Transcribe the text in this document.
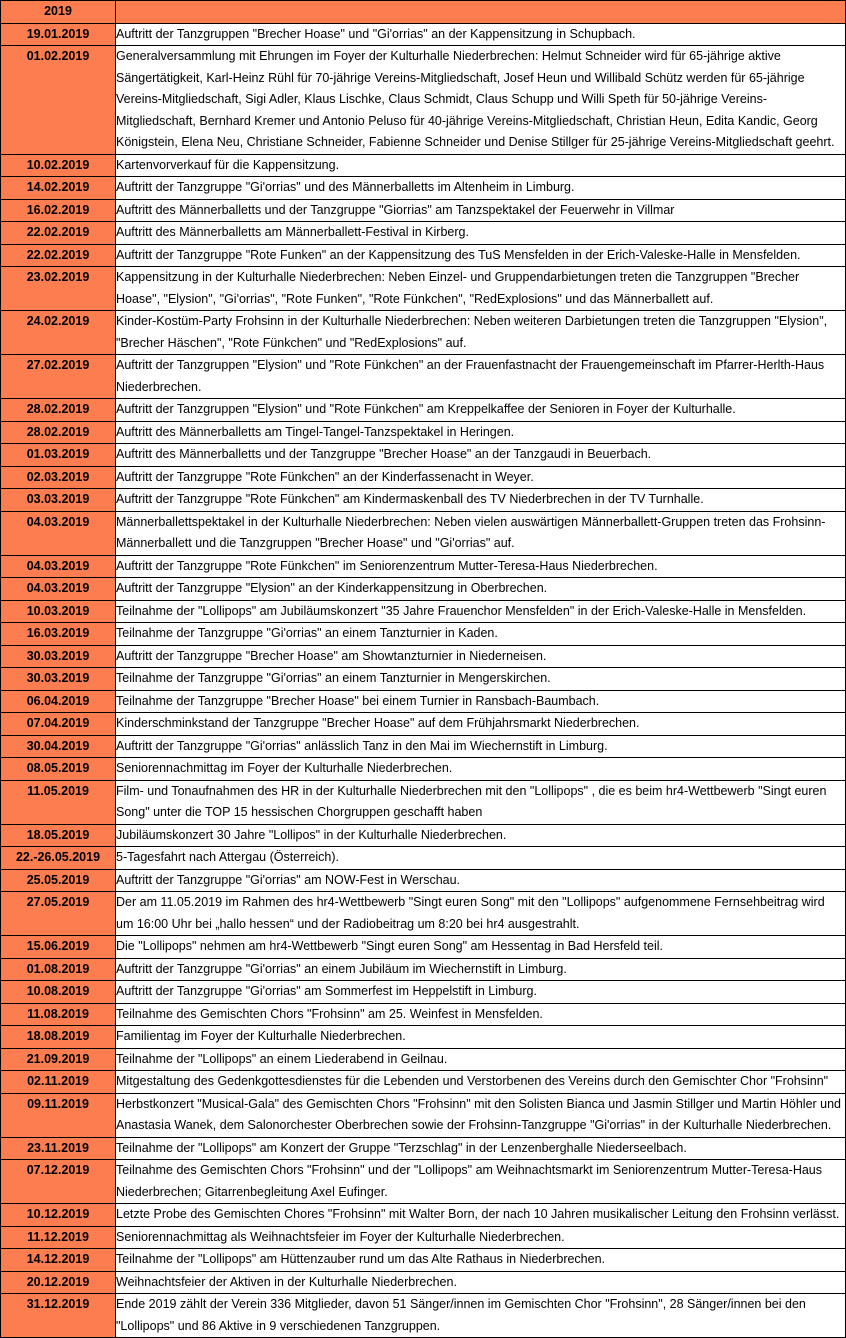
2019	
19.01.2019	Auftritt der Tanzgruppen "Brecher Hoase" und "Gi'orrias" an der Kappensitzung in Schupbach.
01.02.2019	Generalversammlung mit Ehrungen im Foyer der Kulturhalle Niederbrechen: Helmut Schneider wird für 65-jährige aktive Sängertätigkeit, Karl-Heinz Rühl für 70-jährige Vereins-Mitgliedschaft, Josef Heun und Willibald Schütz werden für 65-jährige Vereins-Mitgliedschaft, Sigi Adler, Klaus Lischke, Claus Schmidt, Claus Schupp und Willi Speth für 50-jährige Vereins-Mitgliedschaft, Bernhard Kremer und Antonio Peluso für 40-jährige Vereins-Mitgliedschaft, Christian Heun, Edita Kandic, Georg Königstein, Elena Neu, Christiane Schneider, Fabienne Schneider und Denise Stillger für 25-jährige Vereins-Mitgliedschaft geehrt.
10.02.2019	Kartenvorverkauf für die Kappensitzung.
14.02.2019	Auftritt der Tanzgruppe "Gi'orrias" und des Männerballetts im Altenheim in Limburg.
16.02.2019	Auftritt des Männerballetts und der Tanzgruppe "Giorrias" am Tanzspektakel der Feuerwehr in Villmar
22.02.2019	Auftritt des Männerballetts am Männerballett-Festival in Kirberg.
22.02.2019	Auftritt der Tanzgruppe "Rote Funken" an der Kappensitzung des TuS Mensfelden in der Erich-Valeske-Halle in Mensfelden.
23.02.2019	Kappensitzung in der Kulturhalle Niederbrechen: Neben Einzel- und Gruppendarbietungen treten die Tanzgruppen "Brecher Hoase", "Elysion", "Gi'orrias", "Rote Funken", "Rote Fünkchen", "RedExplosions" und das Männerballett auf.
24.02.2019	Kinder-Kostüm-Party Frohsinn in der Kulturhalle Niederbrechen: Neben weiteren Darbietungen treten die Tanzgruppen "Elysion", "Brecher Häschen", "Rote Fünkchen" und "RedExplosions" auf.
27.02.2019	Auftritt der Tanzgruppen "Elysion" und "Rote Fünkchen" an der Frauenfastnacht der Frauengemeinschaft im Pfarrer-Herlth-Haus Niederbrechen.
28.02.2019	Auftritt der Tanzgruppen "Elysion" und "Rote Fünkchen" am Kreppelkaffee der Senioren in Foyer der Kulturhalle.
28.02.2019	Auftritt des Männerballetts am Tingel-Tangel-Tanzspektakel in Heringen.
01.03.2019	Auftritt des Männerballetts und der Tanzgruppe "Brecher Hoase" an der Tanzgaudi in Beuerbach.
02.03.2019	Auftritt der Tanzgruppe "Rote Fünkchen" an der Kinderfassenacht in Weyer.
03.03.2019	Auftritt der Tanzgruppe "Rote Fünkchen" am Kindermaskenball des TV Niederbrechen in der TV Turnhalle.
04.03.2019	Männerballettspektakel in der Kulturhalle Niederbrechen: Neben vielen auswärtigen Männerballett-Gruppen treten das Frohsinn-Männerballett und die Tanzgruppen "Brecher Hoase" und "Gi'orrias" auf.
04.03.2019	Auftritt der Tanzgruppe "Rote Fünkchen" im Seniorenzentrum Mutter-Teresa-Haus Niederbrechen.
04.03.2019	Auftritt der Tanzgruppe "Elysion" an der Kinderkappensitzung in Oberbrechen.
10.03.2019	Teilnahme der "Lollipops" am Jubiläumskonzert "35 Jahre Frauenchor Mensfelden" in der Erich-Valeske-Halle in Mensfelden.
16.03.2019	Teilnahme der Tanzgruppe "Gi'orrias" an einem Tanzturnier in Kaden.
30.03.2019	Auftritt der Tanzgruppe "Brecher Hoase" am Showtanzturnier in Niederneisen.
30.03.2019	Teilnahme der Tanzgruppe "Gi'orrias" an einem Tanzturnier in Mengerskirchen.
06.04.2019	Teilnahme der Tanzgruppe "Brecher Hoase" bei einem Turnier in Ransbach-Baumbach.
07.04.2019	Kinderschminkstand der Tanzgruppe "Brecher Hoase" auf dem Frühjahrsmarkt Niederbrechen.
30.04.2019	Auftritt der Tanzgruppe "Gi'orrias" anlässlich Tanz in den Mai im Wiechernstift in Limburg.
08.05.2019	Seniorennachmittag im Foyer der Kulturhalle Niederbrechen.
11.05.2019	Film- und Tonaufnahmen des HR in der Kulturhalle Niederbrechen mit den "Lollipops" , die es beim hr4-Wettbewerb "Singt euren Song" unter die TOP 15 hessischen Chorgruppen geschafft haben
18.05.2019	Jubiläumskonzert 30 Jahre "Lollipos" in der Kulturhalle Niederbrechen.
22.-26.05.2019	5-Tagesfahrt nach Attergau (Österreich).
25.05.2019	Auftritt der Tanzgruppe "Gi'orrias" am NOW-Fest in Werschau.
27.05.2019	Der am 11.05.2019 im Rahmen des hr4-Wettbewerb "Singt euren Song" mit den "Lollipops" aufgenommene Fernsehbeitrag wird um 16:00 Uhr bei „hallo hessen“ und der Radiobeitrag um 8:20 bei hr4 ausgestrahlt.
15.06.2019	Die "Lollipops" nehmen am hr4-Wettbewerb "Singt euren Song" am Hessentag in Bad Hersfeld teil.
01.08.2019	Auftritt der Tanzgruppe "Gi'orrias" an einem Jubiläum im Wiechernstift in Limburg.
10.08.2019	Auftritt der Tanzgruppe "Gi'orrias" am Sommerfest im Heppelstift in Limburg.
11.08.2019	Teilnahme des Gemischten Chors "Frohsinn" am 25. Weinfest in Mensfelden.
18.08.2019	Familientag im Foyer der Kulturhalle Niederbrechen.
21.09.2019	Teilnahme der "Lollipops" an einem Liederabend in Geilnau.
02.11.2019	Mitgestaltung des Gedenkgottesdienstes für die Lebenden und Verstorbenen des Vereins durch den Gemischter Chor "Frohsinn"
09.11.2019	Herbstkonzert "Musical-Gala" des Gemischten Chors "Frohsinn" mit den Solisten Bianca und Jasmin Stillger und Martin Höhler und Anastasia Wanek, dem Salonorchester Oberbrechen sowie der Frohsinn-Tanzgruppe "Gi'orrias" in der Kulturhalle Niederbrechen.
23.11.2019	Teilnahme der "Lollipops" am Konzert der Gruppe "Terzschlag" in der Lenzenberghalle Niederseelbach.
07.12.2019	Teilnahme des Gemischten Chors "Frohsinn" und der "Lollipops" am Weihnachtsmarkt im Seniorenzentrum Mutter-Teresa-Haus Niederbrechen; Gitarrenbegleitung Axel Eufinger.
10.12.2019	Letzte Probe des Gemischten Chores "Frohsinn" mit Walter Born, der nach 10 Jahren musikalischer Leitung den Frohsinn verlässt.
11.12.2019	Seniorennachmittag als Weihnachtsfeier im Foyer der Kulturhalle Niederbrechen.
14.12.2019	Teilnahme der "Lollipops" am Hüttenzauber rund um das Alte Rathaus in Niederbrechen.
20.12.2019	Weihnachtsfeier der Aktiven in der Kulturhalle Niederbrechen.
31.12.2019	Ende 2019 zählt der Verein 336 Mitglieder, davon 51 Sänger/innen im Gemischten Chor "Frohsinn", 28 Sänger/innen bei den "Lollipops" und 86 Aktive in 9 verschiedenen Tanzgruppen.
